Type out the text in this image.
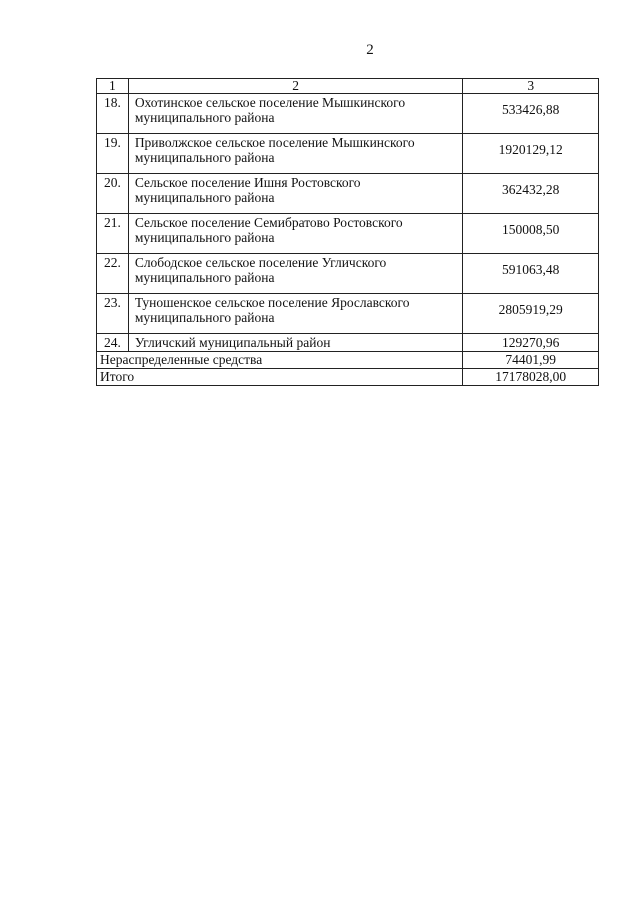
2
1	2	3
18.	Охотинское сельское поселение Мышкинского муниципального района	533426,88
19.	Приволжское сельское поселение Мышкинского муниципального района	1920129,12
20.	Сельское поселение Ишня Ростовского муниципального района	362432,28
21.	Сельское поселение Семибратово Ростовского муниципального района	150008,50
22.	Слободское сельское поселение Угличского муниципального района	591063,48
23.	Туношенское сельское поселение Ярославского муниципального района	2805919,29
24.	Угличский муниципальный район	129270,96
Нераспределенные средства		74401,99
Итого		17178028,00
